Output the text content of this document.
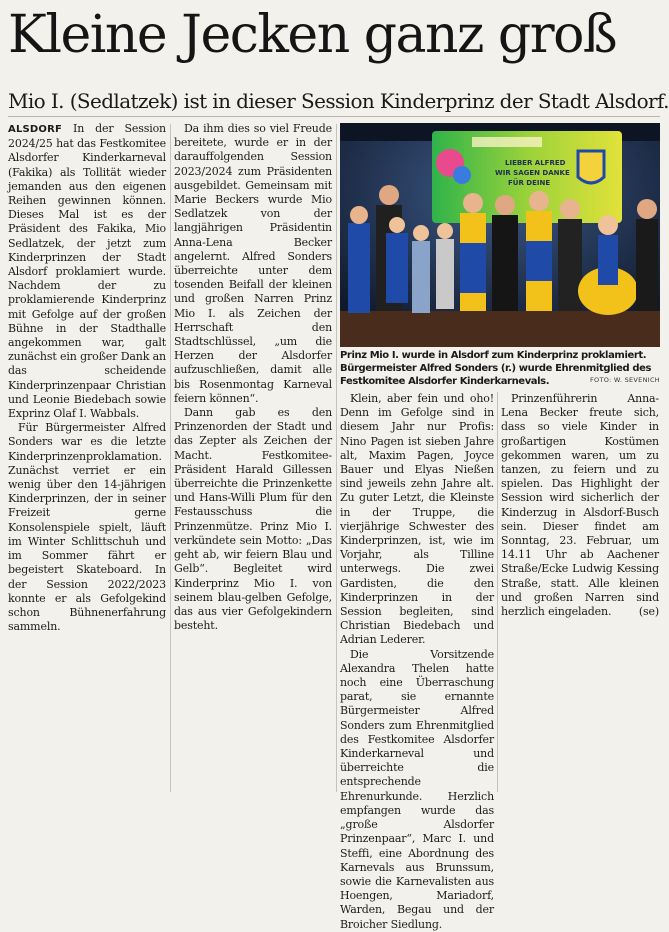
Kleine Jecken ganz groß
Mio I. (Sedlatzek) ist in dieser Session Kinderprinz der Stadt Alsdorf.

ALSDORF In der Session 2024/25 hat das Festkomitee Alsdorfer Kinderkarneval (Fakika) als Tollität wieder jemanden aus den eigenen Reihen gewinnen können. Dieses Mal ist es der Präsident des Fakika, Mio Sedlatzek, der jetzt zum Kinderprinzen der Stadt Alsdorf proklamiert wurde. Nachdem der zu proklamierende Kinderprinz mit Gefolge auf der großen Bühne in der Stadthalle angekommen war, galt zunächst ein großer Dank an das scheidende Kinderprinzenpaar Christian und Leonie Biedebach sowie Exprinz Olaf I. Wabbals.

Für Bürgermeister Alfred Sonders war es die letzte Kinderprinzenproklamation. Zunächst verriet er ein wenig über den 14-jährigen Kinderprinzen, der in seiner Freizeit gerne Konsolenspiele spielt, läuft im Winter Schlittschuh und im Sommer fährt er begeistert Skateboard. In der Session 2022/2023 konnte er als Gefolgekind schon Bühnenerfahrung sammeln.

Da ihm dies so viel Freude bereitete, wurde er in der darauffolgenden Session 2023/2024 zum Präsidenten ausgebildet. Gemeinsam mit Marie Beckers wurde Mio Sedlatzek von der langjährigen Präsidentin Anna-Lena Becker angelernt. Alfred Sonders überreichte unter dem tosenden Beifall der kleinen und großen Narren Prinz Mio I. als Zeichen der Herrschaft den Stadtschlüssel, „um die Herzen der Alsdorfer aufzuschließen, damit alle bis Rosenmontag Karneval feiern können“.

Dann gab es den Prinzenorden der Stadt und das Zepter als Zeichen der Macht. Festkomitee-Präsident Harald Gillessen überreichte die Prinzenkette und Hans-Willi Plum für den Festausschuss die Prinzenmütze. Prinz Mio I. verkündete sein Motto: „Das geht ab, wir feiern Blau und Gelb“. Begleitet wird Kinderprinz Mio I. von seinem blau-gelben Gefolge, das aus vier Gefolgekindern besteht.

LIEBER ALFRED
WIR SAGEN DANKE
FÜR DEINE
Prinz Mio I. wurde in Alsdorf zum Kinderprinz proklamiert. Bürgermeister Alfred Sonders (r.) wurde Ehrenmitglied des Festkomitee Alsdorfer Kinderkarnevals.	FOTO: W. SEVENICH

Klein, aber fein und oho! Denn im Gefolge sind in diesem Jahr nur Profis: Nino Pagen ist sieben Jahre alt, Maxim Pagen, Joyce Bauer und Elyas Nießen sind jeweils zehn Jahre alt. Zu guter Letzt, die Kleinste in der Truppe, die vierjährige Schwester des Kinderprinzen, ist, wie im Vorjahr, als Tilline unterwegs. Die zwei Gardisten, die den Kinderprinzen in der Session begleiten, sind Christian Biedebach und Adrian Lederer.

Die Vorsitzende Alexandra Thelen hatte noch eine Überraschung parat, sie ernannte Bürgermeister Alfred Sonders zum Ehrenmitglied des Festkomitee Alsdorfer Kinderkarneval und überreichte die entsprechende Ehrenurkunde. Herzlich empfangen wurde das „große Alsdorfer Prinzenpaar“, Marc I. und Steffi, eine Abordnung des Karnevals aus Brunssum, sowie die Karnevalisten aus Hoengen, Mariadorf, Warden, Begau und der Broicher Siedlung.

Prinzenführerin Anna-Lena Becker freute sich, dass so viele Kinder in großartigen Kostümen gekommen waren, um zu tanzen, zu feiern und zu spielen. Das Highlight der Session wird sicherlich der Kinderzug in Alsdorf-Busch sein. Dieser findet am Sonntag, 23. Februar, um 14.11 Uhr ab Aachener Straße/Ecke Ludwig Kessing Straße, statt. Alle kleinen und großen Narren sind herzlich eingeladen.	(se)
